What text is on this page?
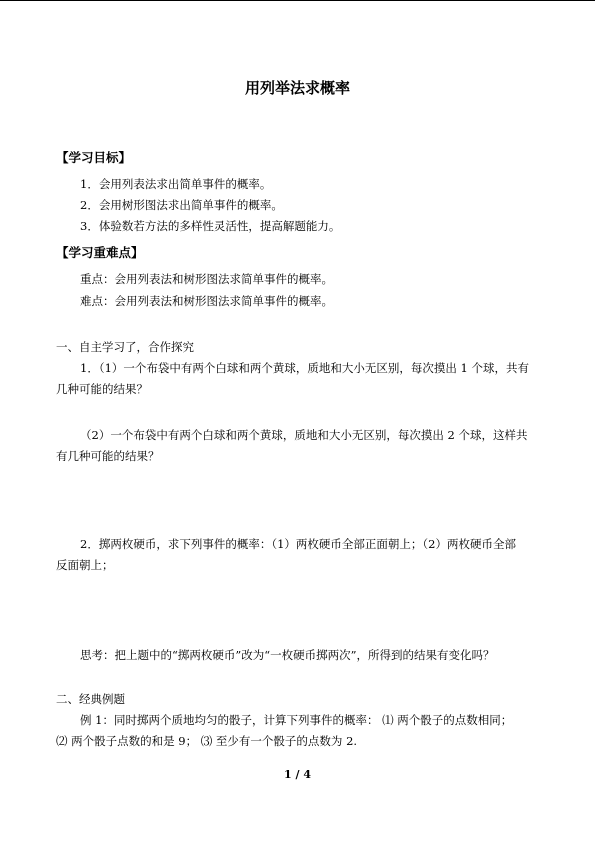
用列举法求概率
【学习目标】
1．会用列表法求出简单事件的概率。
2．会用树形图法求出简单事件的概率。
3．体验数若方法的多样性灵活性，提高解题能力。
【学习重难点】
重点：会用列表法和树形图法求简单事件的概率。
难点：会用列表法和树形图法求简单事件的概率。
一、自主学习了，合作探究
1．（1）一个布袋中有两个白球和两个黄球，质地和大小无区别，每次摸出 1 个球，共有
几种可能的结果？
（2）一个布袋中有两个白球和两个黄球，质地和大小无区别，每次摸出 2 个球，这样共
有几种可能的结果？
2．掷两枚硬币，求下列事件的概率：（1）两枚硬币全部正面朝上；（2）两枚硬币全部
反面朝上；
思考：把上题中的“掷两枚硬币”改为“一枚硬币掷两次”，所得到的结果有变化吗？
二、经典例题
例 1：同时掷两个质地均匀的骰子，计算下列事件的概率： ⑴ 两个骰子的点数相同；
⑵ 两个骰子点数的和是 9； ⑶ 至少有一个骰子的点数为 2.
1 / 4
